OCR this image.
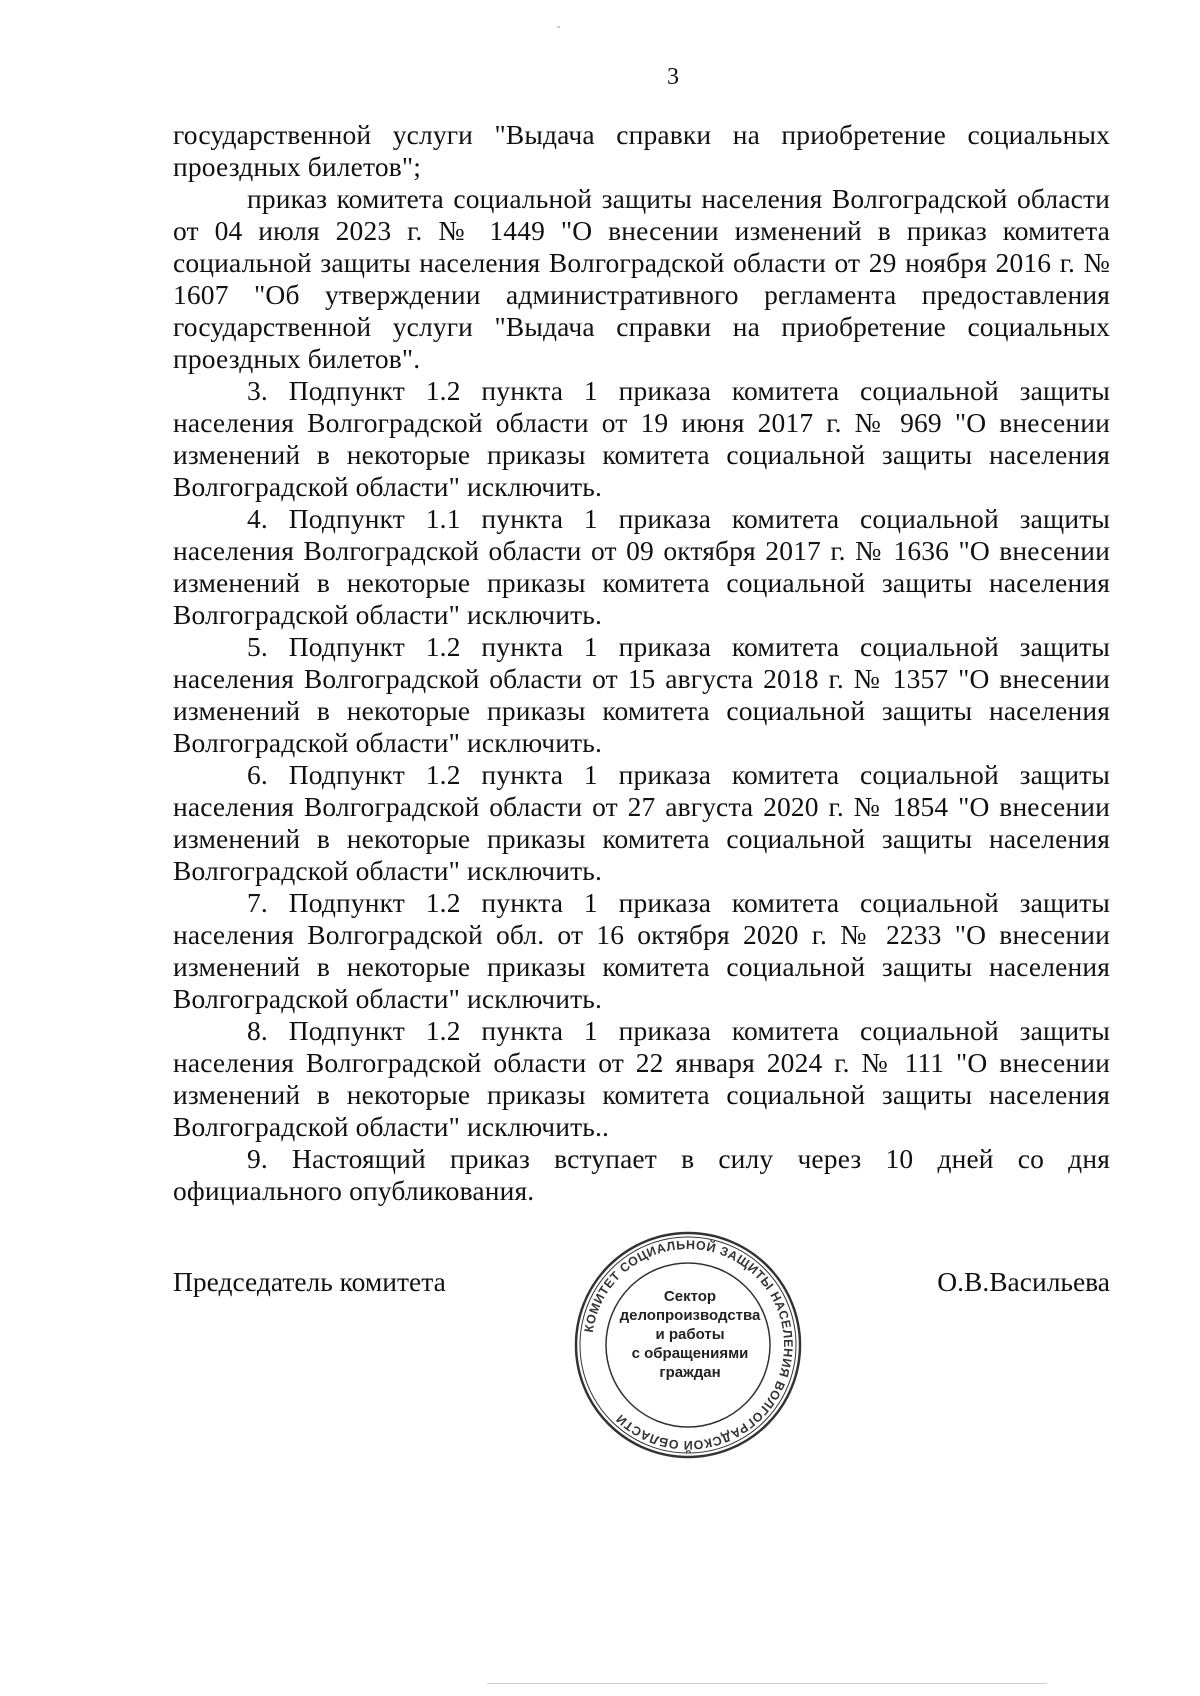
3

государственной услуги "Выдача справки на приобретение социальных проездных билетов";

приказ комитета социальной защиты населения Волгоградской области от 04 июля 2023 г. № 1449 "О внесении изменений в приказ комитета социальной защиты населения Волгоградской области от 29 ноября 2016 г. № 1607 "Об утверждении административного регламента предоставления государственной услуги "Выдача справки на приобретение социальных проездных билетов".

3. Подпункт 1.2 пункта 1 приказа комитета социальной защиты населения Волгоградской области от 19 июня 2017 г. № 969 "О внесении изменений в некоторые приказы комитета социальной защиты населения Волгоградской области" исключить.

4. Подпункт 1.1 пункта 1 приказа комитета социальной защиты населения Волгоградской области от 09 октября 2017 г. № 1636 "О внесении изменений в некоторые приказы комитета социальной защиты населения Волгоградской области" исключить.

5. Подпункт 1.2 пункта 1 приказа комитета социальной защиты населения Волгоградской области от 15 августа 2018 г. № 1357 "О внесении изменений в некоторые приказы комитета социальной защиты населения Волгоградской области" исключить.

6. Подпункт 1.2 пункта 1 приказа комитета социальной защиты населения Волгоградской области от 27 августа 2020 г. № 1854 "О внесении изменений в некоторые приказы комитета социальной защиты населения Волгоградской области" исключить.

7. Подпункт 1.2 пункта 1 приказа комитета социальной защиты населения Волгоградской обл. от 16 октября 2020 г. № 2233 "О внесении изменений в некоторые приказы комитета социальной защиты населения Волгоградской области" исключить.

8. Подпункт 1.2 пункта 1 приказа комитета социальной защиты населения Волгоградской области от 22 января 2024 г. № 111 "О внесении изменений в некоторые приказы комитета социальной защиты населения Волгоградской области" исключить..

9. Настоящий приказ вступает в силу через 10 дней со дня официального опубликования.

Председатель комитета	О.В.Васильева
КОМИТЕТ СОЦИАЛЬНОЙ ЗАЩИТЫ НАСЕЛЕНИЯ ВОЛГОГРАДСКОЙ ОБЛАСТИ
Сектор
делопроизводства
и работы
с обращениями
граждан
